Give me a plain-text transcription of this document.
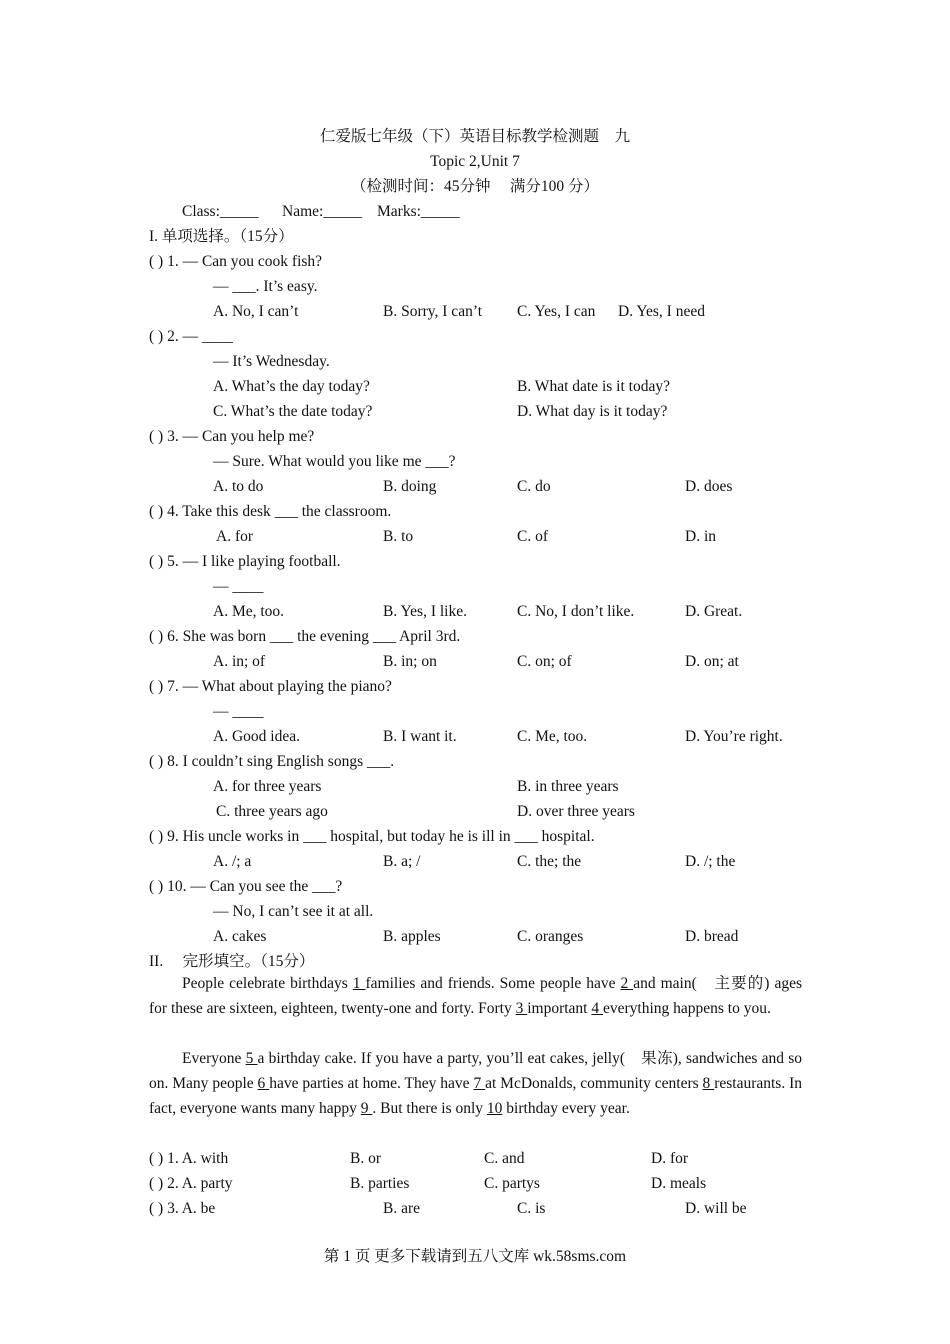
仁爱版七年级（下）英语目标教学检测题　九
Topic 2,Unit 7
（检测时间：45分钟　 满分100 分）
Class:_____ Name:_____ Marks:_____
I. 单项选择。（15分）
( ) 1. — Can you cook fish?
— ___. It’s easy.
A. No, I can’t	B. Sorry, I can’t C. Yes, I can D. Yes, I need
( ) 2. — ____
— It’s Wednesday.
A. What’s the day today?	B. What date is it today?
C. What’s the date today?	D. What day is it today?
( ) 3. — Can you help me?
— Sure. What would you like me ___?
A. to do	B. doing	C. do	D. does
( ) 4. Take this desk ___ the classroom.
A. for	B. to	C. of	D. in
( ) 5. — I like playing football.
— ____
A. Me, too.	B. Yes, I like.	C. No, I don’t like.	D. Great.
( ) 6. She was born ___ the evening ___ April 3rd.
A. in; of	B. in; on	C. on; of	D. on; at
( ) 7. — What about playing the piano?
— ____
A. Good idea.	B. I want it.	C. Me, too.	D. You’re right.
( ) 8. I couldn’t sing English songs ___.
A. for three years	B. in three years
C. three years ago	D. over three years
( ) 9. His uncle works in ___ hospital, but today he is ill in ___ hospital.
A. /; a	B. a; /	C. the; the	D. /; the
( ) 10. — Can you see the ___?
— No, I can’t see it at all.
A. cakes	B. apples	C. oranges	D. bread
II.　 完形填空。（15分）
People celebrate birthdays 1 families and friends. Some people have 2 and main(　主要的) ages for these are sixteen, eighteen, twenty-one and forty. Forty 3 important 4 everything happens to you.
Everyone 5 a birthday cake. If you have a party, you’ll eat cakes, jelly(　果冻), sandwiches and so on. Many people 6 have parties at home. They have 7 at McDonalds, community centers 8 restaurants. In fact, everyone wants many happy 9 . But there is only 10 birthday every year.
( ) 1. A. with	B. or	C. and	D. for
( ) 2. A. party	B. parties	C. partys	D. meals
( ) 3. A. be	B. are	C. is	D. will be
第 1 页 更多下载请到五八文库 wk.58sms.com
